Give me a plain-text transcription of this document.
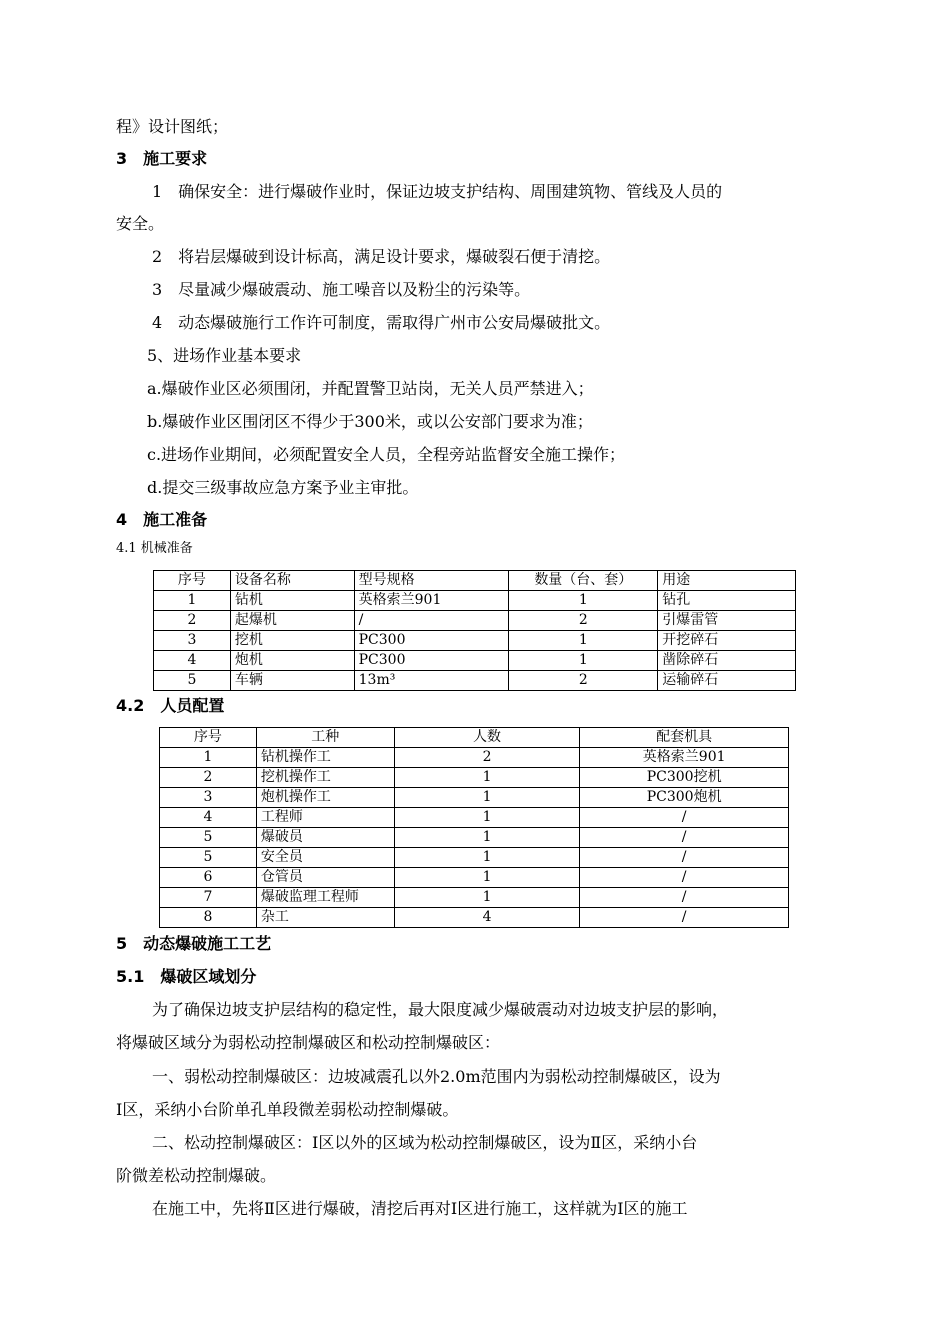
程》设计图纸；
3　施工要求
1　确保安全：进行爆破作业时，保证边坡支护结构、周围建筑物、管线及人员的
安全。
2　将岩层爆破到设计标高，满足设计要求，爆破裂石便于清挖。
3　尽量减少爆破震动、施工噪音以及粉尘的污染等。
4　动态爆破施行工作许可制度，需取得广州市公安局爆破批文。
5、进场作业基本要求
a.爆破作业区必须围闭，并配置警卫站岗，无关人员严禁进入；
b.爆破作业区围闭区不得少于300米，或以公安部门要求为准；
c.进场作业期间，必须配置安全人员，全程旁站监督安全施工操作；
d.提交三级事故应急方案予业主审批。
4　施工准备
4.1 机械准备
序号	设备名称	型号规格	数量（台、套）	用途
1	钻机	英格索兰901	1	钻孔
2	起爆机	/	2	引爆雷管
3	挖机	PC300	1	开挖碎石
4	炮机	PC300	1	凿除碎石
5	车辆	13m³	2	运输碎石
4.2　人员配置
序号	工种	人数	配套机具
1	钻机操作工	2	英格索兰901
2	挖机操作工	1	PC300挖机
3	炮机操作工	1	PC300炮机
4	工程师	1	/
5	爆破员	1	/
5	安全员	1	/
6	仓管员	1	/
7	爆破监理工程师	1	/
8	杂工	4	/
5　动态爆破施工工艺
5.1　爆破区域划分
为了确保边坡支护层结构的稳定性，最大限度减少爆破震动对边坡支护层的影响，
将爆破区域分为弱松动控制爆破区和松动控制爆破区：
一、弱松动控制爆破区：边坡减震孔以外2.0m范围内为弱松动控制爆破区，设为
Ⅰ区，采纳小台阶单孔单段微差弱松动控制爆破。
二、松动控制爆破区：Ⅰ区以外的区域为松动控制爆破区，设为Ⅱ区，采纳小台
阶微差松动控制爆破。
在施工中，先将Ⅱ区进行爆破，清挖后再对Ⅰ区进行施工，这样就为Ⅰ区的施工
